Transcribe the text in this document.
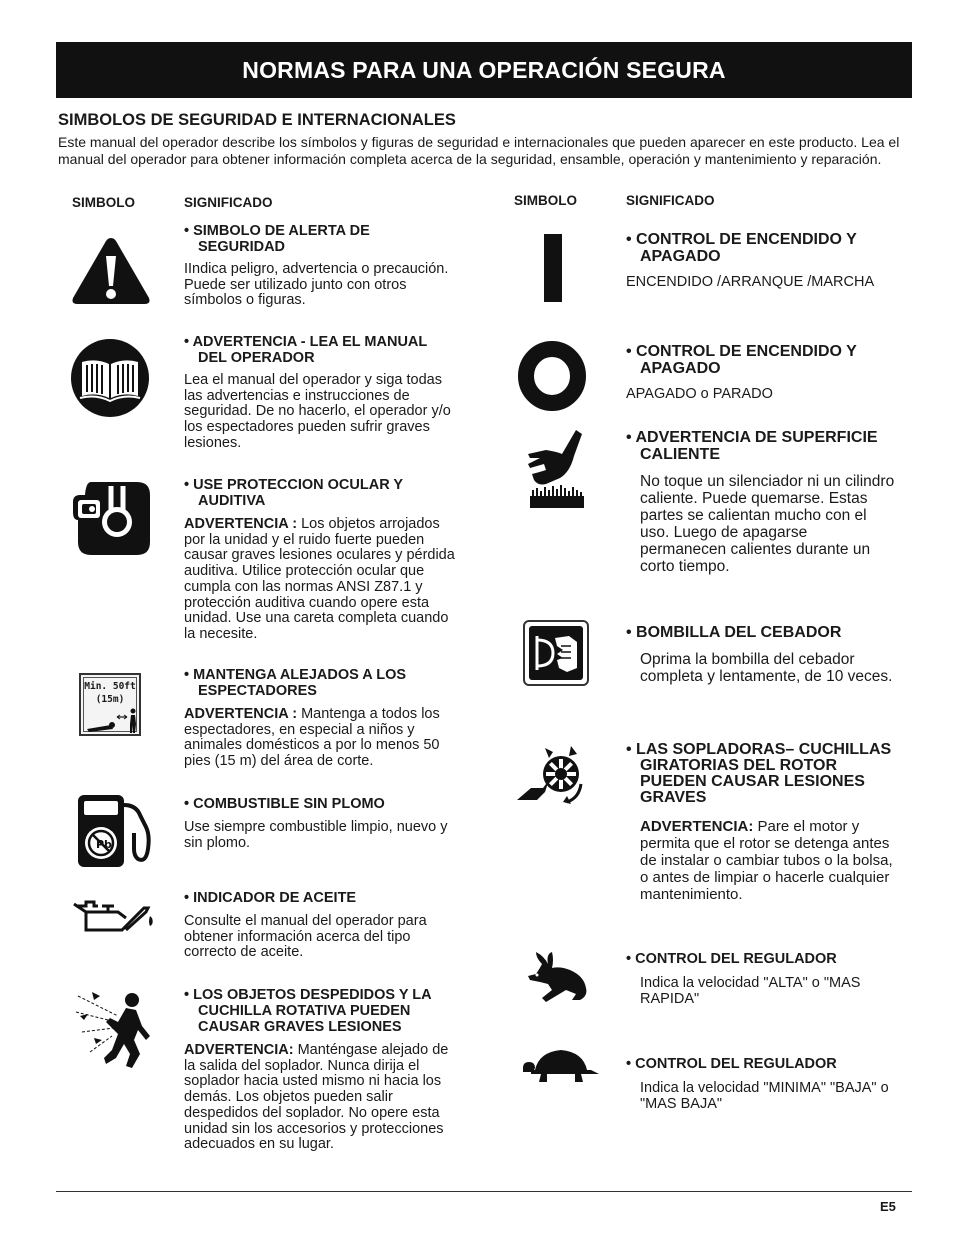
NORMAS PARA UNA OPERACIÓN SEGURA
SIMBOLOS DE SEGURIDAD E INTERNACIONALES
Este manual del operador describe los símbolos y figuras de seguridad e internacionales que pueden aparecer en este producto. Lea el manual del operador para obtener información completa acerca de la seguridad, ensamble, operación y mantenimiento y reparación.
SIMBOLO	SIGNIFICADO	SIMBOLO	SIGNIFICADO
• SIMBOLO DE ALERTA DE SEGURIDAD
IIndica peligro, advertencia o precaución. Puede ser utilizado junto con otros símbolos o figuras.
• ADVERTENCIA - LEA EL MANUAL DEL OPERADOR
Lea el manual del operador y siga todas las advertencias e instrucciones de seguridad. De no hacerlo, el operador y/o los espectadores pueden sufrir graves lesiones.
• USE PROTECCION OCULAR Y AUDITIVA
ADVERTENCIA : Los objetos arrojados por la unidad y el ruido fuerte pueden causar graves lesiones oculares y pérdida auditiva. Utilice protección ocular que cumpla con las normas ANSI Z87.1 y protección auditiva cuando opere esta unidad. Use una careta completa cuando la necesite.
• MANTENGA ALEJADOS A LOS ESPECTADORES
ADVERTENCIA : Mantenga a todos los espectadores, en especial a niños y animales domésticos a por lo menos 50 pies (15 m) del área de corte.
• COMBUSTIBLE SIN PLOMO
Use siempre combustible limpio, nuevo y sin plomo.
• INDICADOR DE ACEITE
Consulte el manual del operador para obtener información acerca del tipo correcto de aceite.
• LOS OBJETOS DESPEDIDOS Y LA CUCHILLA ROTATIVA PUEDEN CAUSAR GRAVES LESIONES
ADVERTENCIA: Manténgase alejado de la salida del soplador. Nunca dirija el soplador hacia usted mismo ni hacia los demás. Los objetos pueden salir despedidos del soplador. No opere esta unidad sin los accesorios y protecciones adecuados en su lugar.
• CONTROL DE ENCENDIDO Y APAGADO
ENCENDIDO /ARRANQUE /MARCHA
• CONTROL DE ENCENDIDO Y APAGADO
APAGADO o PARADO
• ADVERTENCIA DE SUPERFICIE CALIENTE
No toque un silenciador ni un cilindro caliente. Puede quemarse. Estas partes se calientan mucho con el uso. Luego de apagarse permanecen calientes durante un corto tiempo.
• BOMBILLA DEL CEBADOR
Oprima la bombilla del cebador completa y lentamente, de 10 veces.
• LAS SOPLADORAS– CUCHILLAS GIRATORIAS DEL ROTOR PUEDEN CAUSAR LESIONES GRAVES
ADVERTENCIA: Pare el motor y permita que el rotor se detenga antes de instalar o cambiar tubos o la bolsa, o antes de limpiar o hacerle cualquier mantenimiento.
• CONTROL DEL REGULADOR
Indica la velocidad "ALTA" o "MAS RAPIDA"
• CONTROL DEL REGULADOR
Indica la velocidad "MINIMA" "BAJA" o "MAS BAJA"
Min. 50ft
(15m)
Pb
E5
